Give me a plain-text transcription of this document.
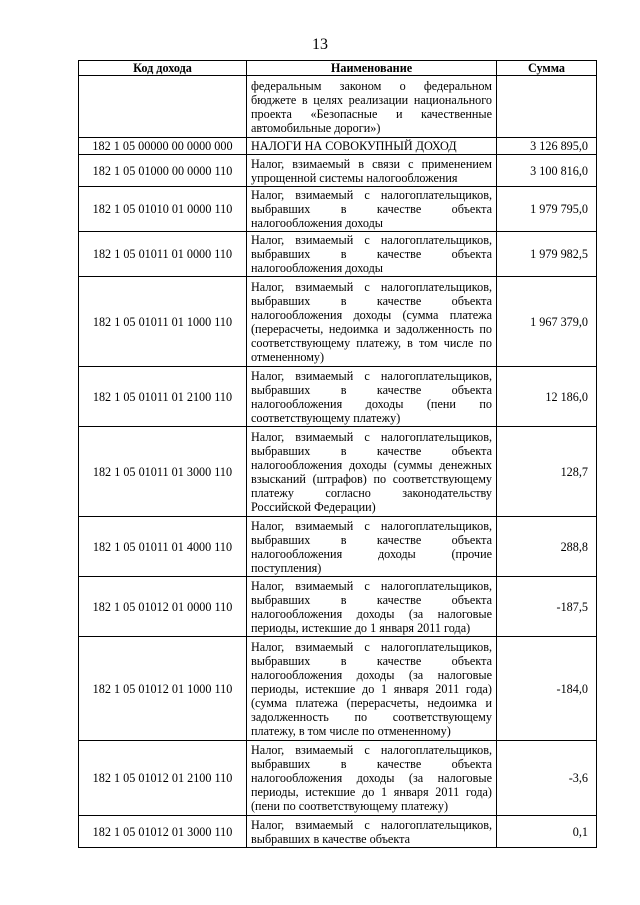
13
Код дохода	Наименование	Сумма
	федеральным законом о федеральном бюджете в целях реализации национального проекта «Безопасные и качественные автомобильные дороги»)	
182 1 05 00000 00 0000 000	НАЛОГИ НА СОВОКУПНЫЙ ДОХОД	3 126 895,0
182 1 05 01000 00 0000 110	Налог, взимаемый в связи с применением упрощенной системы налогообложения	3 100 816,0
182 1 05 01010 01 0000 110	Налог, взимаемый с налогоплательщиков, выбравших в качестве объекта налогообложения доходы	1 979 795,0
182 1 05 01011 01 0000 110	Налог, взимаемый с налогоплательщиков, выбравших в качестве объекта налогообложения доходы	1 979 982,5
182 1 05 01011 01 1000 110	Налог, взимаемый с налогоплательщиков, выбравших в качестве объекта налогообложения доходы (сумма платежа (перерасчеты, недоимка и задолженность по соответствующему платежу, в том числе по отмененному)	1 967 379,0
182 1 05 01011 01 2100 110	Налог, взимаемый с налогоплательщиков, выбравших в качестве объекта налогообложения доходы (пени по соответствующему платежу)	12 186,0
182 1 05 01011 01 3000 110	Налог, взимаемый с налогоплательщиков, выбравших в качестве объекта налогообложения доходы (суммы денежных взысканий (штрафов) по соответствующему платежу согласно законодательству Российской Федерации)	128,7
182 1 05 01011 01 4000 110	Налог, взимаемый с налогоплательщиков, выбравших в качестве объекта налогообложения доходы (прочие поступления)	288,8
182 1 05 01012 01 0000 110	Налог, взимаемый с налогоплательщиков, выбравших в качестве объекта налогообложения доходы (за налоговые периоды, истекшие до 1 января 2011 года)	-187,5
182 1 05 01012 01 1000 110	Налог, взимаемый с налогоплательщиков, выбравших в качестве объекта налогообложения доходы (за налоговые периоды, истекшие до 1 января 2011 года) (сумма платежа (перерасчеты, недоимка и задолженность по соответствующему платежу, в том числе по отмененному)	-184,0
182 1 05 01012 01 2100 110	Налог, взимаемый с налогоплательщиков, выбравших в качестве объекта налогообложения доходы (за налоговые периоды, истекшие до 1 января 2011 года) (пени по соответствующему платежу)	-3,6
182 1 05 01012 01 3000 110	Налог, взимаемый с налогоплательщиков, выбравших в качестве объекта	0,1
